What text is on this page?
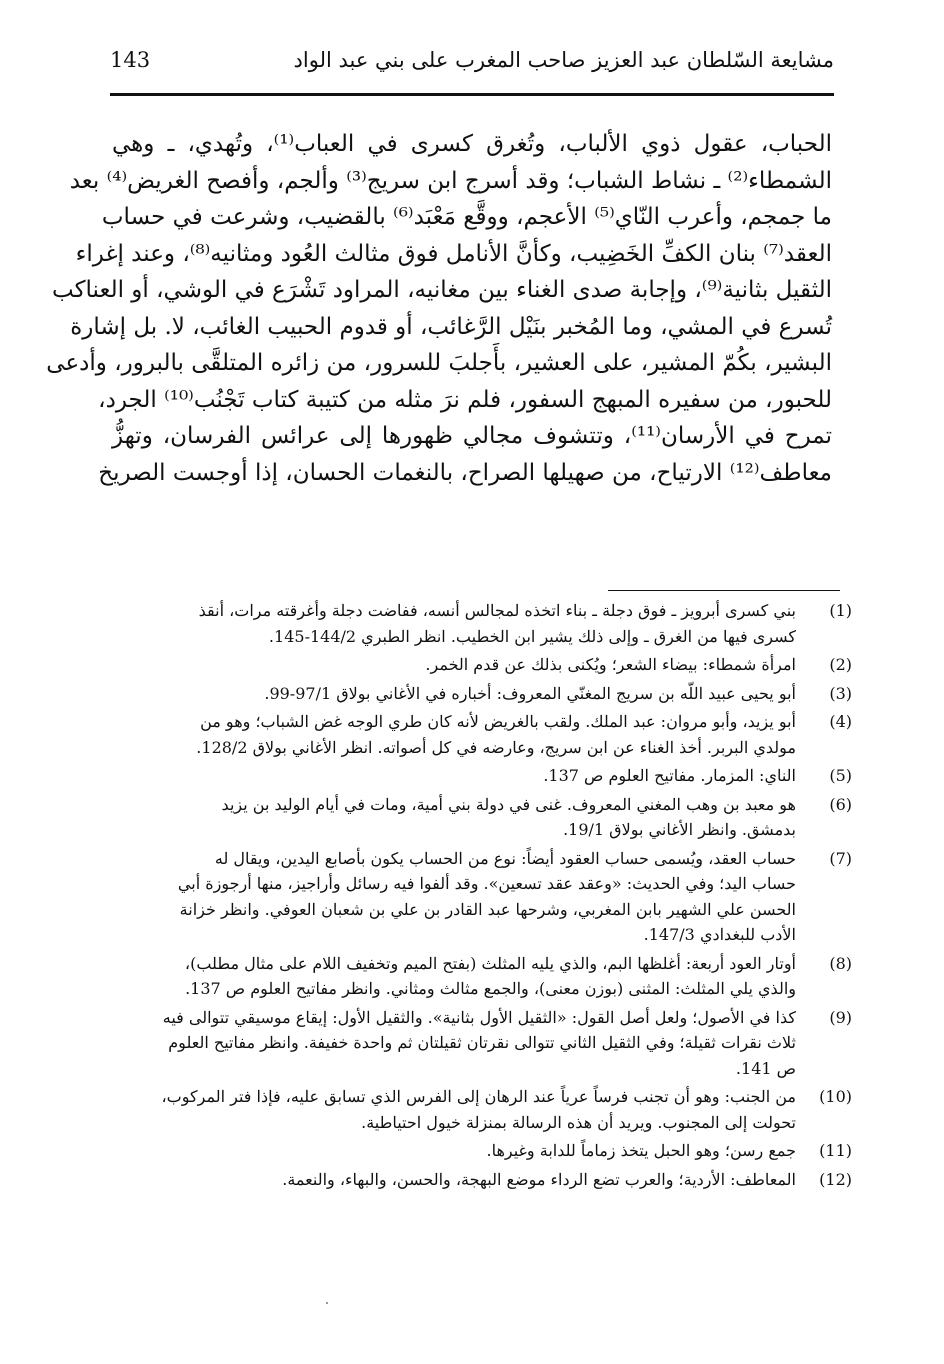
مشايعة السّلطان عبد العزيز صاحب المغرب على بني عبد الواد
143
الحباب، عقول ذوي الألباب، وتُغرق كسرى في العباب⁽¹⁾، وتُهدي، ـ وهي
الشمطاء⁽²⁾ ـ نشاط الشباب؛ وقد أسرج ابن سريج⁽³⁾ وألجم، وأفصح الغريض⁽⁴⁾ بعد
ما جمجم، وأعرب النّاي⁽⁵⁾ الأعجم، ووقَّع مَعْبَد⁽⁶⁾ بالقضيب، وشرعت في حساب
العقد⁽⁷⁾ بنان الكفِّ الخَضِيب، وكأنَّ الأنامل فوق مثالث العُود ومثانيه⁽⁸⁾، وعند إغراء
الثقيل بثانية⁽⁹⁾، وإجابة صدى الغناء بين مغانيه، المراود تَشْرَع في الوشي، أو العناكب
تُسرع في المشي، وما المُخبر بنَيْل الرَّغائب، أو قدوم الحبيب الغائب، لا. بل إشارة
البشير، بكُمّ المشير، على العشير، بأَجلبَ للسرور، من زائره المتلقَّى بالبرور، وأدعى
للحبور، من سفيره المبهج السفور، فلم نرَ مثله من كتيبة كتاب تَجْنُب⁽¹⁰⁾ الجرد،
تمرح في الأرسان⁽¹¹⁾، وتتشوف مجالي ظهورها إلى عرائس الفرسان، وتهزُّ
معاطف⁽¹²⁾ الارتياح، من صهيلها الصراح، بالنغمات الحسان، إذا أوجست الصريخ
(1)
بني كسرى أبرويز ـ فوق دجلة ـ بناء اتخذه لمجالس أنسه، ففاضت دجلة وأغرقته مرات، أنقذ
كسرى فيها من الغرق ـ وإلى ذلك يشير ابن الخطيب. انظر الطبري 144/2-145.
(2)
امرأة شمطاء: بيضاء الشعر؛ ويُكنى بذلك عن قدم الخمر.
(3)
أبو يحيى عبيد اللّه بن سريج المغنّي المعروف: أخباره في الأغاني بولاق 97/1-99.
(4)
أبو يزيد، وأبو مروان: عبد الملك. ولقب بالغريض لأنه كان طري الوجه غض الشباب؛ وهو من
مولدي البربر. أخذ الغناء عن ابن سريج، وعارضه في كل أصواته. انظر الأغاني بولاق 128/2.
(5)
الناي: المزمار. مفاتيح العلوم ص 137.
(6)
هو معبد بن وهب المغني المعروف. غنى في دولة بني أمية، ومات في أيام الوليد بن يزيد
بدمشق. وانظر الأغاني بولاق 19/1.
(7)
حساب العقد، ويُسمى حساب العقود أيضاً: نوع من الحساب يكون بأصابع اليدين، ويقال له
حساب اليد؛ وفي الحديث: «وعقد عقد تسعين». وقد ألفوا فيه رسائل وأراجيز، منها أرجوزة أبي
الحسن علي الشهير بابن المغربي، وشرحها عبد القادر بن علي بن شعبان العوفي. وانظر خزانة
الأدب للبغدادي 147/3.
(8)
أوتار العود أربعة: أغلظها البم، والذي يليه المثلث (بفتح الميم وتخفيف اللام على مثال مطلب)،
والذي يلي المثلث: المثنى (بوزن معنى)، والجمع مثالث ومثاني. وانظر مفاتيح العلوم ص 137.
(9)
كذا في الأصول؛ ولعل أصل القول: «الثقيل الأول بثانية». والثقيل الأول: إيقاع موسيقي تتوالى فيه
ثلاث نقرات ثقيلة؛ وفي الثقيل الثاني تتوالى نقرتان ثقيلتان ثم واحدة خفيفة. وانظر مفاتيح العلوم
ص 141.
(10)
من الجنب: وهو أن تجنب فرساً عرياً عند الرهان إلى الفرس الذي تسابق عليه، فإذا فتر المركوب،
تحولت إلى المجنوب. ويريد أن هذه الرسالة بمنزلة خيول احتياطية.
(11)
جمع رسن؛ وهو الحبل يتخذ زماماً للدابة وغيرها.
(12)
المعاطف: الأردية؛ والعرب تضع الرداء موضع البهجة، والحسن، والبهاء، والنعمة.
